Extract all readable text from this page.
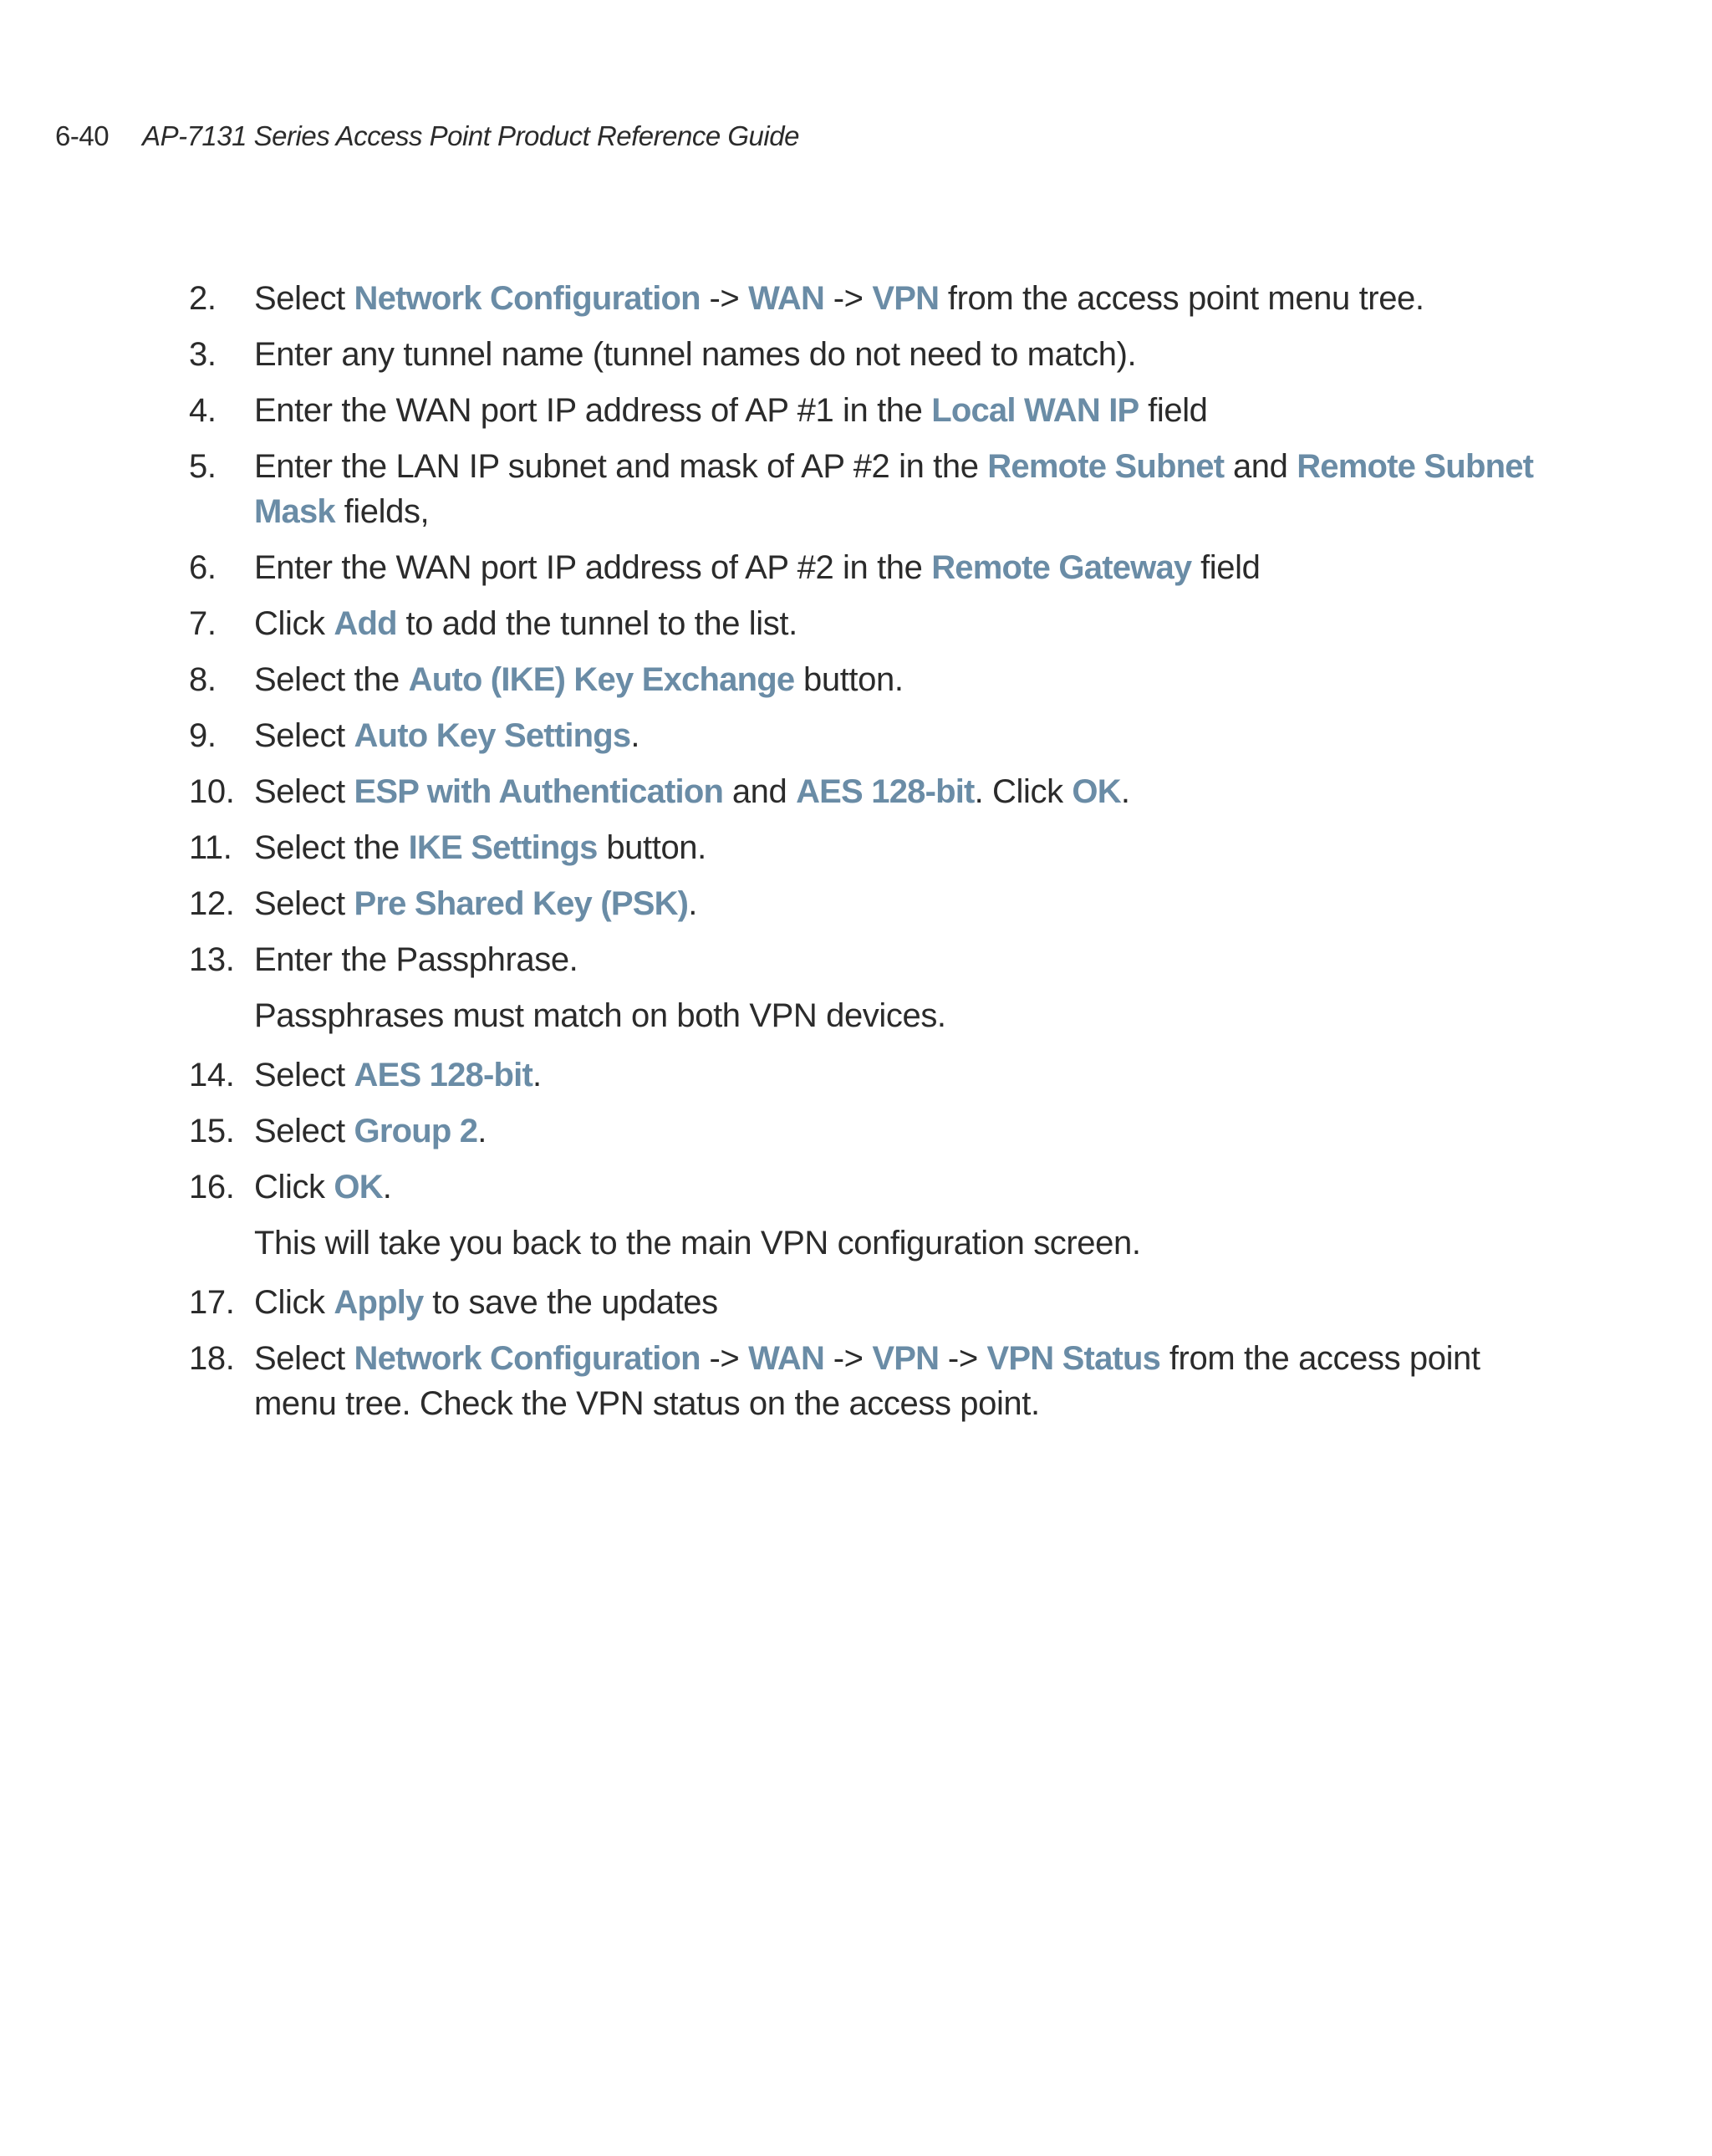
6-40 AP-7131 Series Access Point Product Reference Guide
2. Select Network Configuration -> WAN -> VPN from the access point menu tree.
3. Enter any tunnel name (tunnel names do not need to match).
4. Enter the WAN port IP address of AP #1 in the Local WAN IP field
5. Enter the LAN IP subnet and mask of AP #2 in the Remote Subnet and Remote Subnet Mask fields,
6. Enter the WAN port IP address of AP #2 in the Remote Gateway field
7. Click Add to add the tunnel to the list.
8. Select the Auto (IKE) Key Exchange button.
9. Select Auto Key Settings.
10. Select ESP with Authentication and AES 128-bit. Click OK.
11. Select the IKE Settings button.
12. Select Pre Shared Key (PSK).
13. Enter the Passphrase.
Passphrases must match on both VPN devices.
14. Select AES 128-bit.
15. Select Group 2.
16. Click OK.
This will take you back to the main VPN configuration screen.
17. Click Apply to save the updates
18. Select Network Configuration -> WAN -> VPN -> VPN Status from the access point menu tree. Check the VPN status on the access point.
